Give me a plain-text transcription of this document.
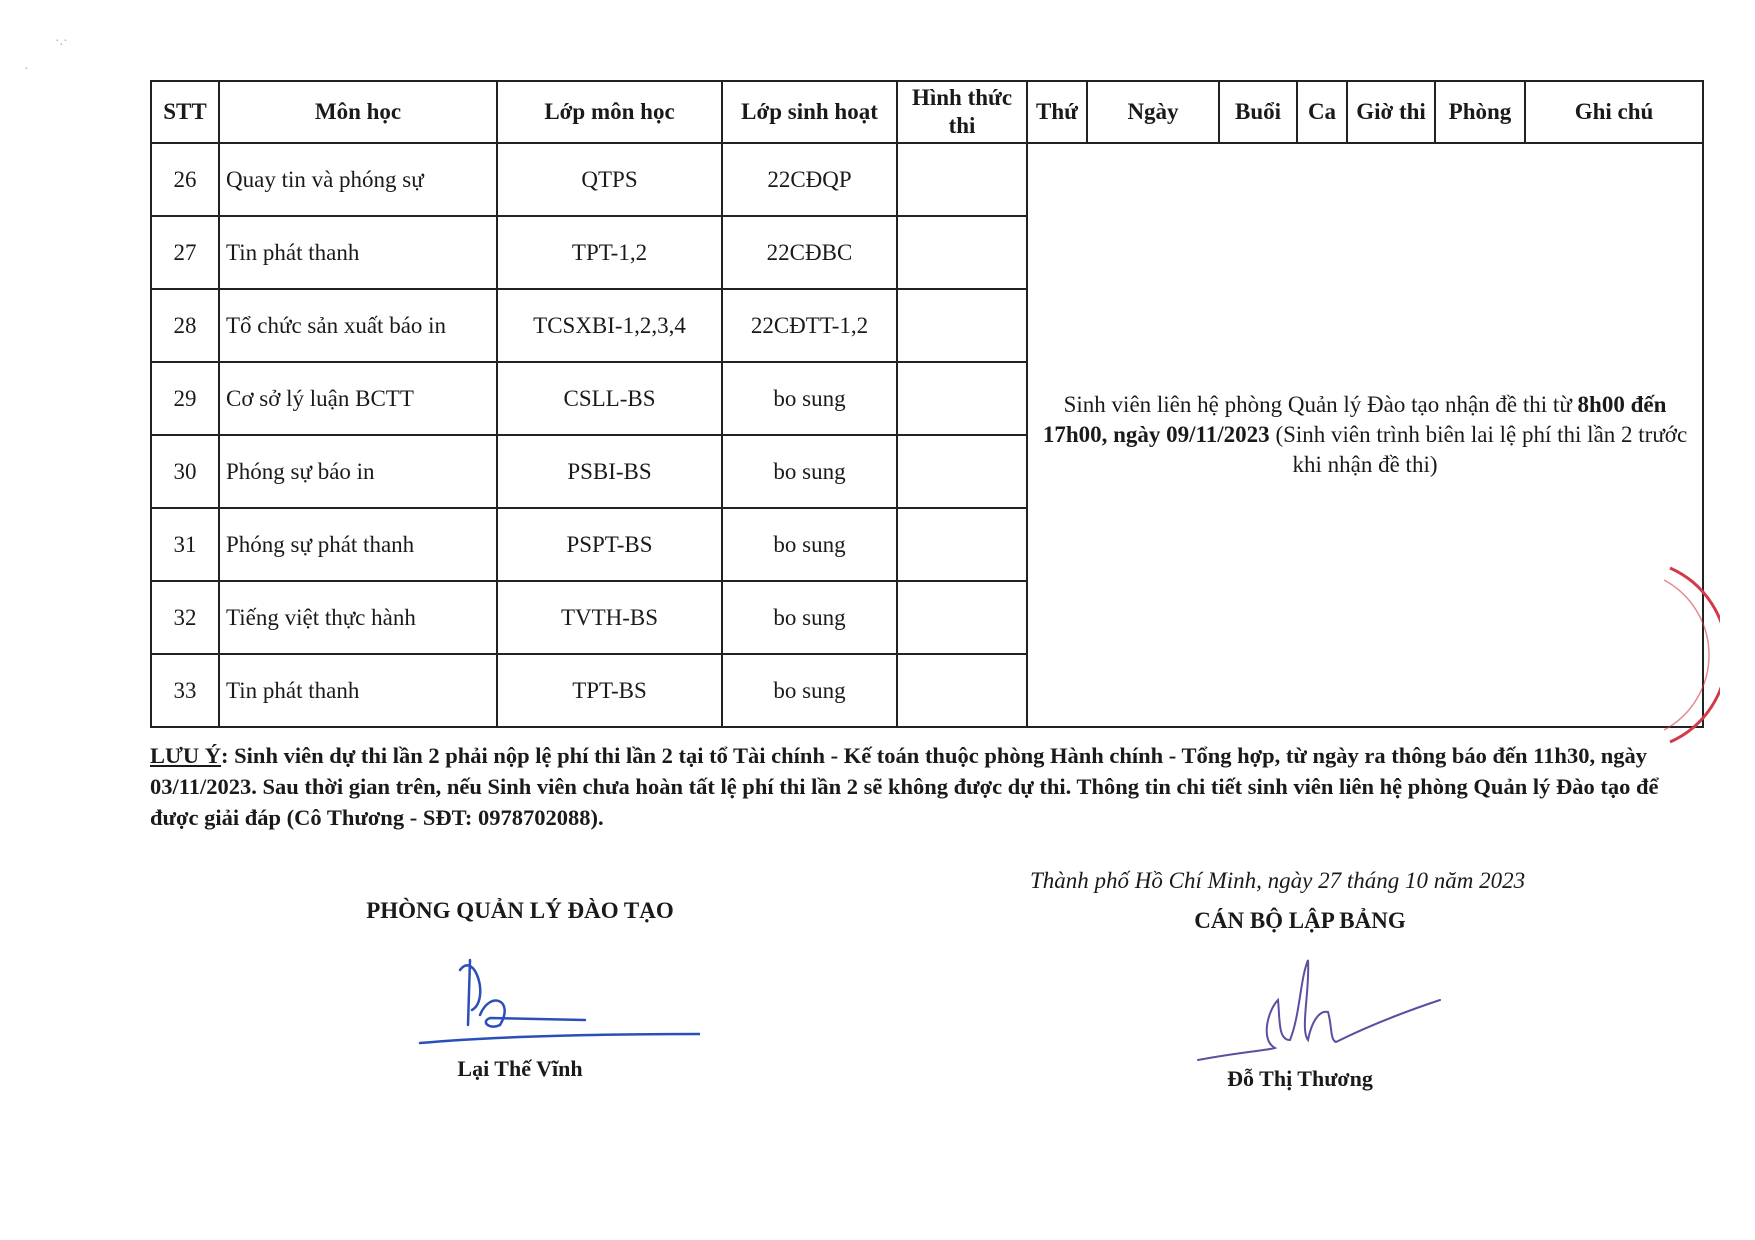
·.·
·
STT	Môn học	Lớp môn học	Lớp sinh hoạt	Hình thức thi	Thứ	Ngày	Buổi	Ca	Giờ thi	Phòng	Ghi chú
26	Quay tin và phóng sự	QTPS	22CĐQP		Sinh viên liên hệ phòng Quản lý Đào tạo nhận đề thi từ 8h00 đến 17h00, ngày 09/11/2023 (Sinh viên trình biên lai lệ phí thi lần 2 trước khi nhận đề thi)						
27	Tin phát thanh	TPT-1,2	22CĐBC								
28	Tổ chức sản xuất báo in	TCSXBI-1,2,3,4	22CĐTT-1,2								
29	Cơ sở lý luận BCTT	CSLL-BS	bo sung								
30	Phóng sự báo in	PSBI-BS	bo sung								
31	Phóng sự phát thanh	PSPT-BS	bo sung								
32	Tiếng việt thực hành	TVTH-BS	bo sung								
33	Tin phát thanh	TPT-BS	bo sung								
LƯU Ý: Sinh viên dự thi lần 2 phải nộp lệ phí thi lần 2 tại tổ Tài chính - Kế toán thuộc phòng Hành chính - Tổng hợp, từ ngày ra thông báo đến 11h30, ngày 03/11/2023. Sau thời gian trên, nếu Sinh viên chưa hoàn tất lệ phí thi lần 2 sẽ không được dự thi. Thông tin chi tiết sinh viên liên hệ phòng Quản lý Đào tạo để được giải đáp (Cô Thương - SĐT: 0978702088).
Thành phố Hồ Chí Minh, ngày 27 tháng 10 năm 2023
PHÒNG QUẢN LÝ ĐÀO TẠO
Lại Thế Vĩnh
CÁN BỘ LẬP BẢNG
Đỗ Thị Thương
